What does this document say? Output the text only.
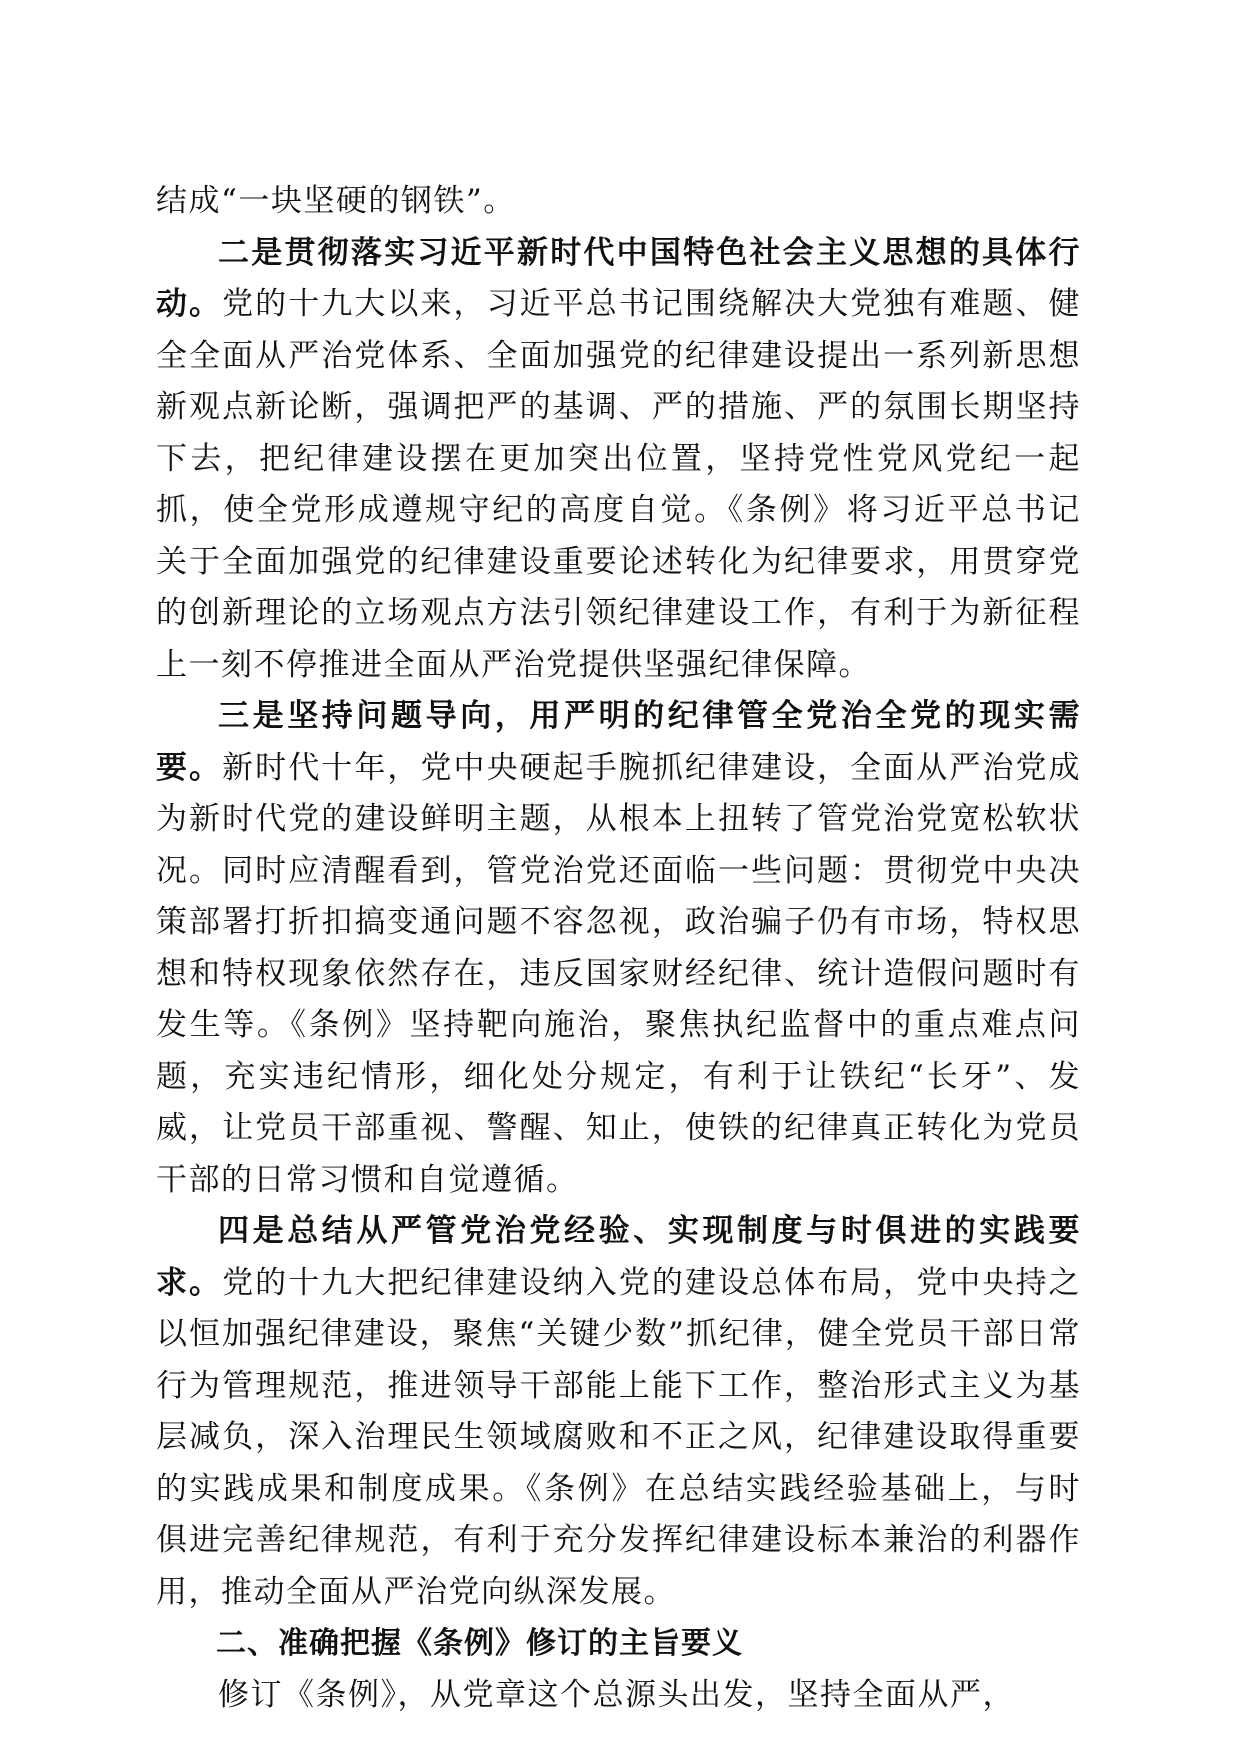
结成“一块坚硬的钢铁”。

二是贯彻落实习近平新时代中国特色社会主义思想的具体行动。党的十九大以来，习近平总书记围绕解决大党独有难题、健全全面从严治党体系、全面加强党的纪律建设提出一系列新思想新观点新论断，强调把严的基调、严的措施、严的氛围长期坚持下去，把纪律建设摆在更加突出位置，坚持党性党风党纪一起抓，使全党形成遵规守纪的高度自觉。《条例》将习近平总书记关于全面加强党的纪律建设重要论述转化为纪律要求，用贯穿党的创新理论的立场观点方法引领纪律建设工作，有利于为新征程上一刻不停推进全面从严治党提供坚强纪律保障。

三是坚持问题导向，用严明的纪律管全党治全党的现实需要。新时代十年，党中央硬起手腕抓纪律建设，全面从严治党成为新时代党的建设鲜明主题，从根本上扭转了管党治党宽松软状况。同时应清醒看到，管党治党还面临一些问题：贯彻党中央决策部署打折扣搞变通问题不容忽视，政治骗子仍有市场，特权思想和特权现象依然存在，违反国家财经纪律、统计造假问题时有发生等。《条例》坚持靶向施治，聚焦执纪监督中的重点难点问题，充实违纪情形，细化处分规定，有利于让铁纪“长牙”、发威，让党员干部重视、警醒、知止，使铁的纪律真正转化为党员干部的日常习惯和自觉遵循。

四是总结从严管党治党经验、实现制度与时俱进的实践要求。党的十九大把纪律建设纳入党的建设总体布局，党中央持之以恒加强纪律建设，聚焦“关键少数”抓纪律，健全党员干部日常行为管理规范，推进领导干部能上能下工作，整治形式主义为基层减负，深入治理民生领域腐败和不正之风，纪律建设取得重要的实践成果和制度成果。《条例》在总结实践经验基础上，与时俱进完善纪律规范，有利于充分发挥纪律建设标本兼治的利器作用，推动全面从严治党向纵深发展。

二、准确把握《条例》修订的主旨要义

修订《条例》，从党章这个总源头出发，坚持全面从严，
